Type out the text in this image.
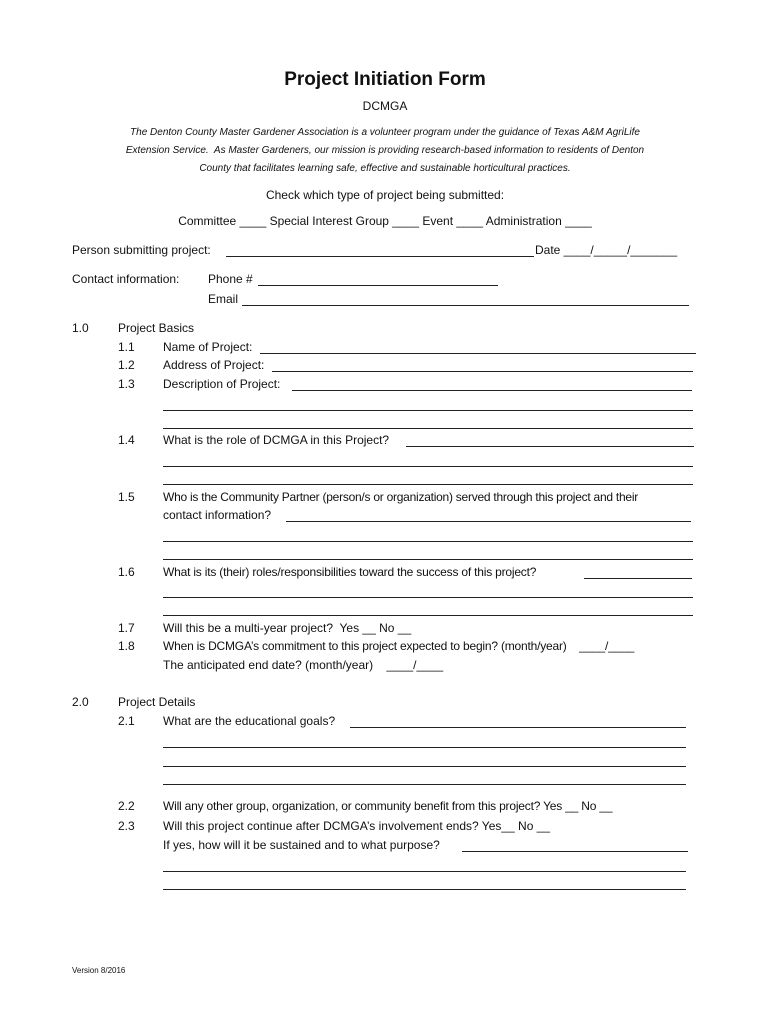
Project Initiation Form
DCMGA
The Denton County Master Gardener Association is a volunteer program under the guidance of Texas A&M AgriLife
Extension Service.  As Master Gardeners, our mission is providing research-based information to residents of Denton
County that facilitates learning safe, effective and sustainable horticultural practices.
Check which type of project being submitted:
Committee ____ Special Interest Group ____ Event ____ Administration ____
Person submitting project:	Date ____/_____/_______
Contact information: Phone #
Email
1.0 Project Basics
1.1 Name of Project:
1.2 Address of Project:
1.3 Description of Project:
1.4 What is the role of DCMGA in this Project?
1.5 Who is the Community Partner (person/s or organization) served through this project and their
contact information?
1.6 What is its (their) roles/responsibilities toward the success of this project?
1.7 Will this be a multi-year project?  Yes __ No __
1.8 When is DCMGA’s commitment to this project expected to begin? (month/year)    ____/____
The anticipated end date? (month/year)    ____/____
2.0 Project Details
2.1 What are the educational goals?
2.2 Will any other group, organization, or community benefit from this project? Yes __ No __
2.3 Will this project continue after DCMGA’s involvement ends? Yes__ No __
If yes, how will it be sustained and to what purpose?
Version 8/2016
